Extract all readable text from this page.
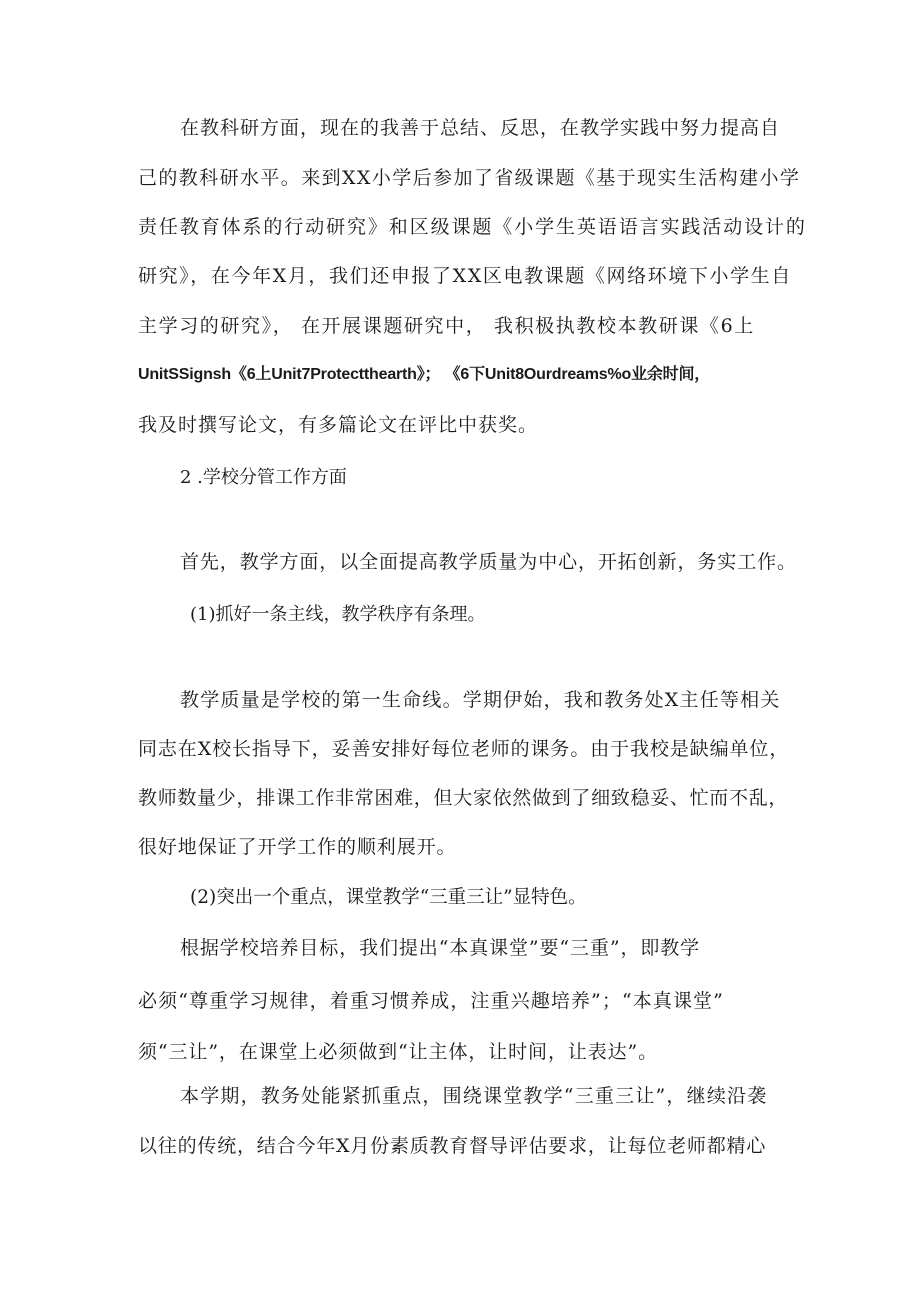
在教科研方面，现在的我善于总结、反思，在教学实践中努力提高自

己的教科研水平。来到XX小学后参加了省级课题《基于现实生活构建小学

责任教育体系的行动研究》和区级课题《小学生英语语言实践活动设计的

研究》，在今年X月，我们还申报了XX区电教课题《网络环境下小学生自

主学习的研究》， 在开展课题研究中， 我积极执教校本教研课《6上

UnitSSignsh《6上Unit7Protectthearth》； 《6下Unit8Ourdreams%o业余时间，

我及时撰写论文，有多篇论文在评比中获奖。

2 .学校分管工作方面

首先，教学方面，以全面提高教学质量为中心，开拓创新，务实工作。

(1)抓好一条主线，教学秩序有条理。

教学质量是学校的第一生命线。学期伊始，我和教务处X主任等相关

同志在X校长指导下，妥善安排好每位老师的课务。由于我校是缺编单位，

教师数量少，排课工作非常困难，但大家依然做到了细致稳妥、忙而不乱，

很好地保证了开学工作的顺利展开。

(2)突出一个重点，课堂教学“三重三让”显特色。

根据学校培养目标，我们提出“本真课堂”要“三重”，即教学

必须“尊重学习规律，着重习惯养成，注重兴趣培养”；“本真课堂”

须“三让”，在课堂上必须做到“让主体，让时间，让表达”。

本学期，教务处能紧抓重点，围绕课堂教学“三重三让”，继续沿袭

以往的传统，结合今年X月份素质教育督导评估要求，让每位老师都精心
